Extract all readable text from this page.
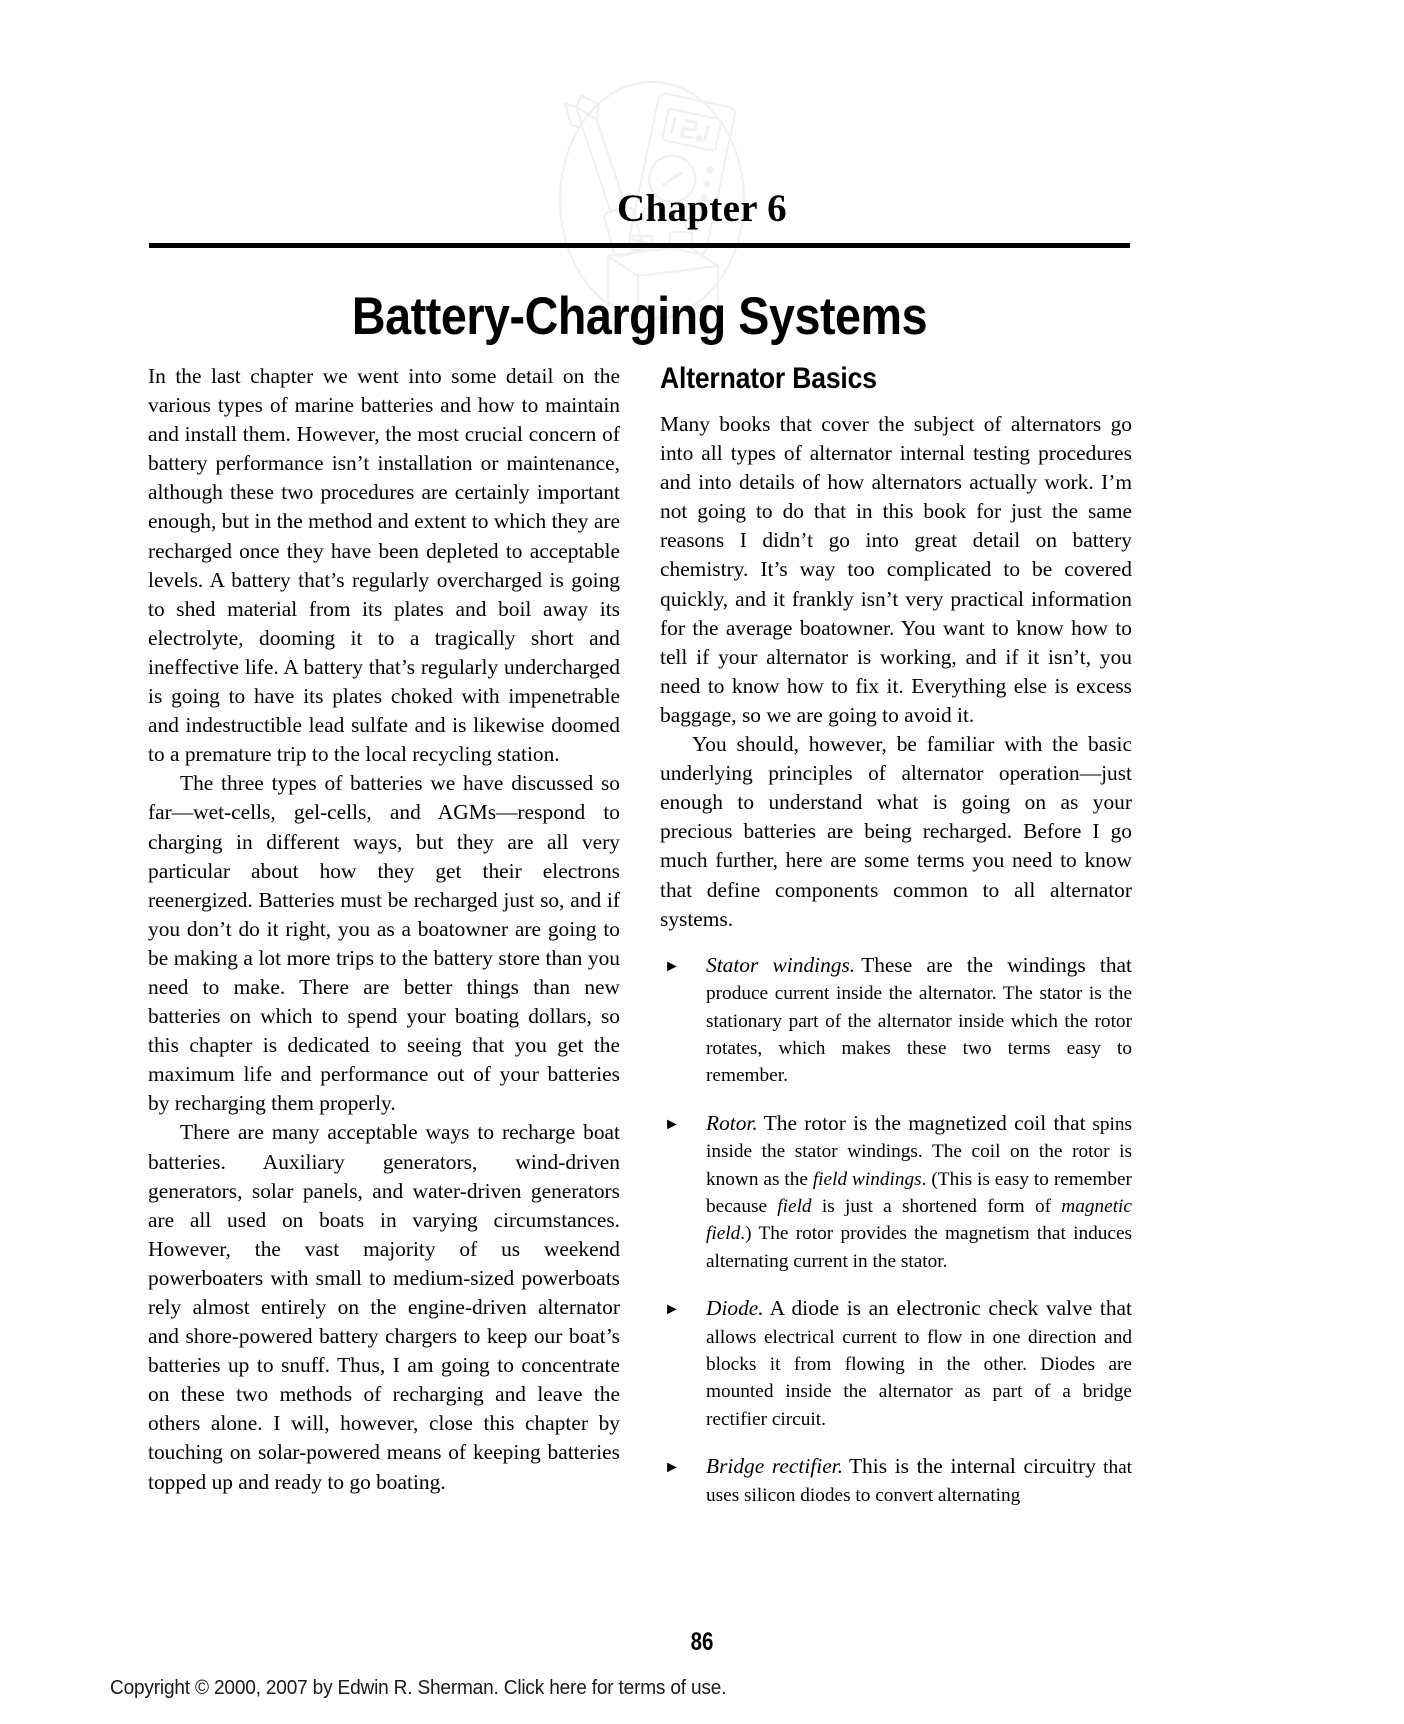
Chapter 6
Battery-Charging Systems

In the last chapter we went into some detail on the various types of marine batteries and how to maintain and install them. However, the most crucial concern of battery performance isn’t installation or maintenance, although these two procedures are certainly important enough, but in the method and extent to which they are recharged once they have been depleted to acceptable levels. A battery that’s regularly overcharged is going to shed material from its plates and boil away its electrolyte, dooming it to a tragically short and ineffective life. A battery that’s regularly undercharged is going to have its plates choked with impenetrable and indestructible lead sulfate and is likewise doomed to a premature trip to the local recycling station.

The three types of batteries we have discussed so far—wet-cells, gel-cells, and AGMs—respond to charging in different ways, but they are all very particular about how they get their electrons reenergized. Batteries must be recharged just so, and if you don’t do it right, you as a boatowner are going to be making a lot more trips to the battery store than you need to make. There are better things than new batteries on which to spend your boating dollars, so this chapter is dedicated to seeing that you get the maximum life and performance out of your batteries by recharging them properly.

There are many acceptable ways to recharge boat batteries. Auxiliary generators, wind-driven generators, solar panels, and water-driven generators are all used on boats in varying circumstances. However, the vast majority of us weekend powerboaters with small to medium-sized powerboats rely almost entirely on the engine-driven alternator and shore-powered battery chargers to keep our boat’s batteries up to snuff. Thus, I am going to concentrate on these two methods of recharging and leave the others alone. I will, however, close this chapter by touching on solar-powered means of keeping batteries topped up and ready to go boating.

Alternator Basics

Many books that cover the subject of alternators go into all types of alternator internal testing procedures and into details of how alternators actually work. I’m not going to do that in this book for just the same reasons I didn’t go into great detail on battery chemistry. It’s way too complicated to be covered quickly, and it frankly isn’t very practical information for the average boatowner. You want to know how to tell if your alternator is working, and if it isn’t, you need to know how to fix it. Everything else is excess baggage, so we are going to avoid it.

You should, however, be familiar with the basic underlying principles of alternator operation—just enough to understand what is going on as your precious batteries are being recharged. Before I go much further, here are some terms you need to know that define components common to all alternator systems.

► Stator windings. These are the windings that produce current inside the alternator. The stator is the stationary part of the alternator inside which the rotor rotates, which makes these two terms easy to remember.
► Rotor. The rotor is the magnetized coil that spins inside the stator windings. The coil on the rotor is known as the field windings. (This is easy to remember because field is just a shortened form of magnetic field.) The rotor provides the magnetism that induces alternating current in the stator.
► Diode. A diode is an electronic check valve that allows electrical current to flow in one direction and blocks it from flowing in the other. Diodes are mounted inside the alternator as part of a bridge rectifier circuit.
► Bridge rectifier. This is the internal circuitry that uses silicon diodes to convert alternating
86
Copyright © 2000, 2007 by Edwin R. Sherman. Click here for terms of use.
